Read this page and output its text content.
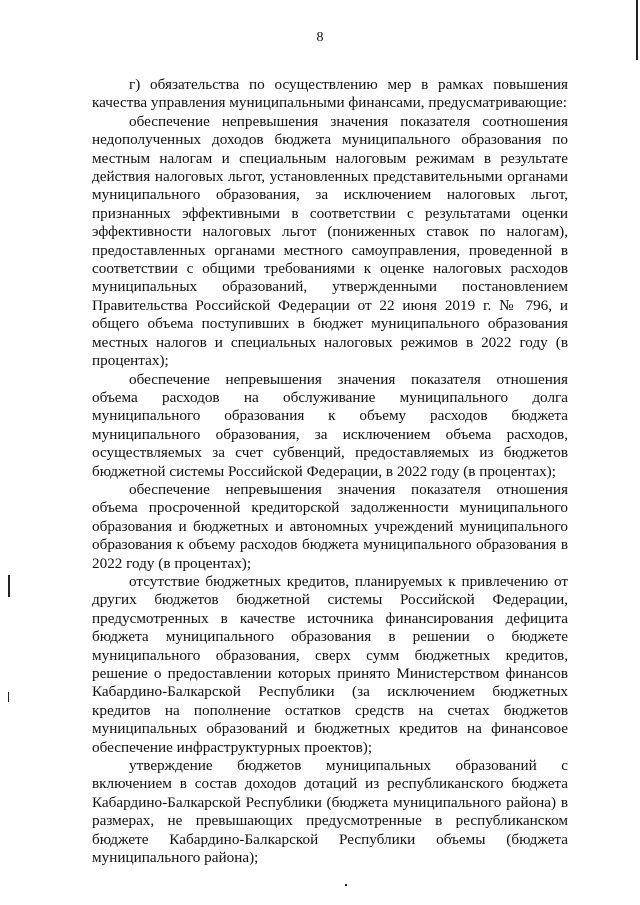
8

г) обязательства по осуществлению мер в рамках повышения качества управления муниципальными финансами, предусматривающие:

обеспечение непревышения значения показателя соотношения недополученных доходов бюджета муниципального образования по местным налогам и специальным налоговым режимам в результате действия налоговых льгот, установленных представительными органами муниципального образования, за исключением налоговых льгот, признанных эффективными в соответствии с результатами оценки эффективности налоговых льгот (пониженных ставок по налогам), предоставленных органами местного самоуправления, проведенной в соответствии с общими требованиями к оценке налоговых расходов муниципальных образований, утвержденными постановлением Правительства Российской Федерации от 22 июня 2019 г. № 796, и общего объема поступивших в бюджет муниципального образования местных налогов и специальных налоговых режимов в 2022 году (в процентах);

обеспечение непревышения значения показателя отношения объема расходов на обслуживание муниципального долга муниципального образования к объему расходов бюджета муниципального образования, за исключением объема расходов, осуществляемых за счет субвенций, предоставляемых из бюджетов бюджетной системы Российской Федерации, в 2022 году (в процентах);

обеспечение непревышения значения показателя отношения объема просроченной кредиторской задолженности муниципального образования и бюджетных и автономных учреждений муниципального образования к объему расходов бюджета муниципального образования в 2022 году (в процентах);

отсутствие бюджетных кредитов, планируемых к привлечению от других бюджетов бюджетной системы Российской Федерации, предусмотренных в качестве источника финансирования дефицита бюджета муниципального образования в решении о бюджете муниципального образования, сверх сумм бюджетных кредитов, решение о предоставлении которых принято Министерством финансов Кабардино-Балкарской Республики (за исключением бюджетных кредитов на пополнение остатков средств на счетах бюджетов муниципальных образований и бюджетных кредитов на финансовое обеспечение инфраструктурных проектов);

утверждение бюджетов муниципальных образований с включением в состав доходов дотаций из республиканского бюджета Кабардино-Балкарской Республики (бюджета муниципального района) в размерах, не превышающих предусмотренные в республиканском бюджете Кабардино-Балкарской Республики объемы (бюджета муниципального района);
